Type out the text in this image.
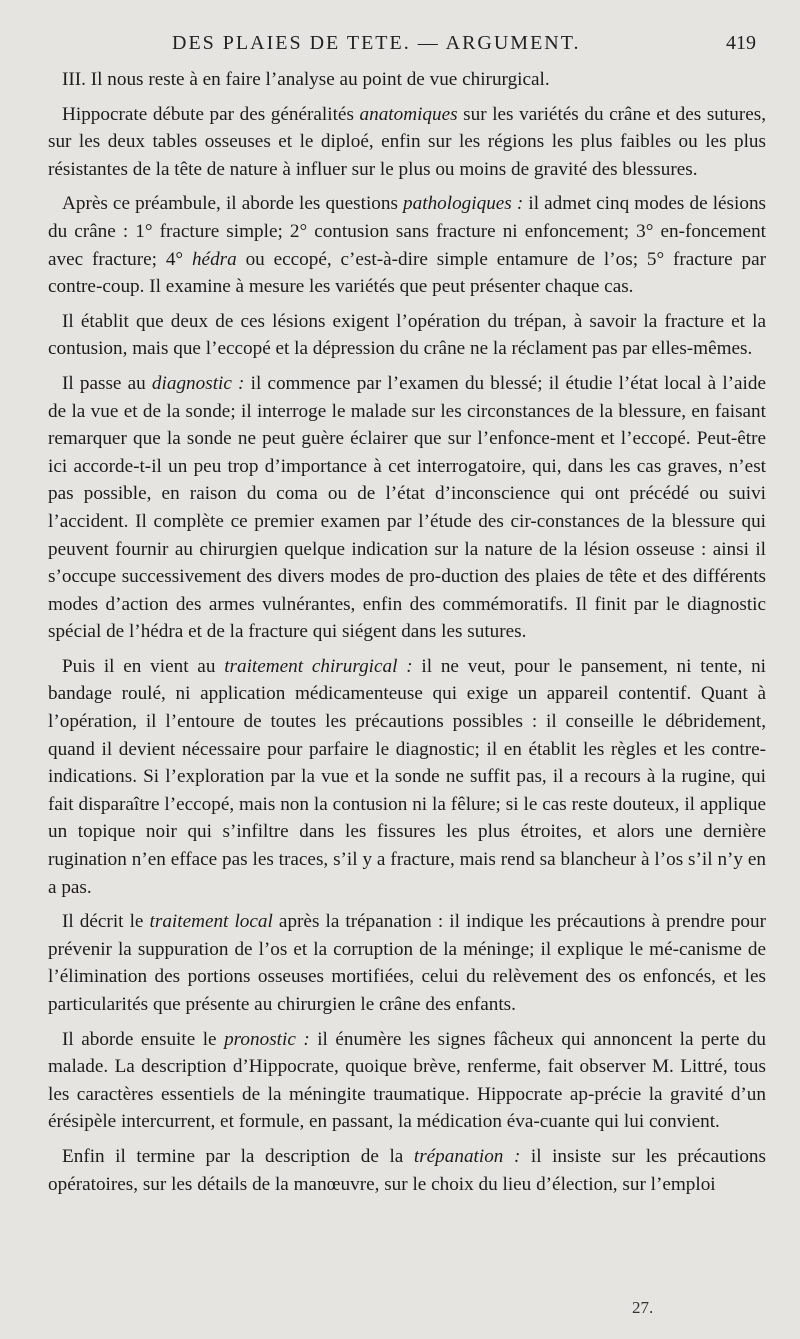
DES PLAIES DE TETE. — ARGUMENT.	419

III. Il nous reste à en faire l’analyse au point de vue chirurgical.

Hippocrate débute par des généralités anatomiques sur les variétés du crâne et des sutures, sur les deux tables osseuses et le diploé, enfin sur les régions les plus faibles ou les plus résistantes de la tête de nature à influer sur le plus ou moins de gravité des blessures.

Après ce préambule, il aborde les questions pathologiques : il admet cinq modes de lésions du crâne : 1° fracture simple; 2° contusion sans fracture ni enfoncement; 3° en-foncement avec fracture; 4° hédra ou eccopé, c’est-à-dire simple entamure de l’os; 5° fracture par contre-coup. Il examine à mesure les variétés que peut présenter chaque cas.

Il établit que deux de ces lésions exigent l’opération du trépan, à savoir la fracture et la contusion, mais que l’eccopé et la dépression du crâne ne la réclament pas par elles-mêmes.

Il passe au diagnostic : il commence par l’examen du blessé; il étudie l’état local à l’aide de la vue et de la sonde; il interroge le malade sur les circonstances de la blessure, en faisant remarquer que la sonde ne peut guère éclairer que sur l’enfonce-ment et l’eccopé. Peut-être ici accorde-t-il un peu trop d’importance à cet interrogatoire, qui, dans les cas graves, n’est pas possible, en raison du coma ou de l’état d’inconscience qui ont précédé ou suivi l’accident. Il complète ce premier examen par l’étude des cir-constances de la blessure qui peuvent fournir au chirurgien quelque indication sur la nature de la lésion osseuse : ainsi il s’occupe successivement des divers modes de pro-duction des plaies de tête et des différents modes d’action des armes vulnérantes, enfin des commémoratifs. Il finit par le diagnostic spécial de l’hédra et de la fracture qui siégent dans les sutures.

Puis il en vient au traitement chirurgical : il ne veut, pour le pansement, ni tente, ni bandage roulé, ni application médicamenteuse qui exige un appareil contentif. Quant à l’opération, il l’entoure de toutes les précautions possibles : il conseille le débridement, quand il devient nécessaire pour parfaire le diagnostic; il en établit les règles et les contre-indications. Si l’exploration par la vue et la sonde ne suffit pas, il a recours à la rugine, qui fait disparaître l’eccopé, mais non la contusion ni la fêlure; si le cas reste douteux, il applique un topique noir qui s’infiltre dans les fissures les plus étroites, et alors une dernière rugination n’en efface pas les traces, s’il y a fracture, mais rend sa blancheur à l’os s’il n’y en a pas.

Il décrit le traitement local après la trépanation : il indique les précautions à prendre pour prévenir la suppuration de l’os et la corruption de la méninge; il explique le mé-canisme de l’élimination des portions osseuses mortifiées, celui du relèvement des os enfoncés, et les particularités que présente au chirurgien le crâne des enfants.

Il aborde ensuite le pronostic : il énumère les signes fâcheux qui annoncent la perte du malade. La description d’Hippocrate, quoique brève, renferme, fait observer M. Littré, tous les caractères essentiels de la méningite traumatique. Hippocrate ap-précie la gravité d’un érésipèle intercurrent, et formule, en passant, la médication éva-cuante qui lui convient.

Enfin il termine par la description de la trépanation : il insiste sur les précautions opératoires, sur les détails de la manœuvre, sur le choix du lieu d’élection, sur l’emploi

27.
